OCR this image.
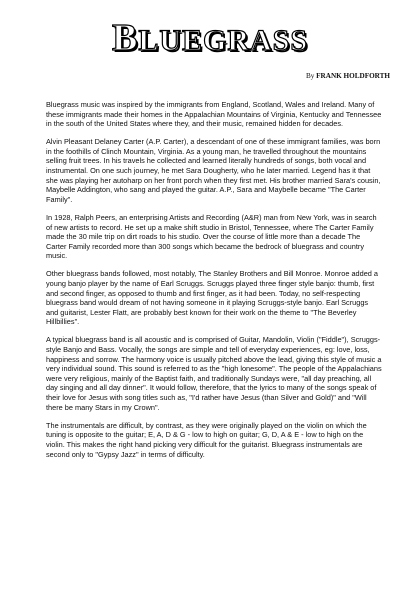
BLUEGRASS
By FRANK HOLDFORTH

Bluegrass music was inspired by the immigrants from England, Scotland, Wales and Ireland. Many of these immigrants made their homes in the Appalachian Mountains of Virginia, Kentucky and Tennessee in the south of the United States where they, and their music, remained hidden for decades.

Alvin Pleasant Delaney Carter (A.P. Carter), a descendant of one of these immigrant families, was born in the foothills of Clinch Mountain, Virginia. As a young man, he travelled throughout the mountains selling fruit trees. In his travels he collected and learned literally hundreds of songs, both vocal and instrumental. On one such journey, he met Sara Dougherty, who he later married. Legend has it that she was playing her autoharp on her front porch when they first met. His brother married Sara's cousin, Maybelle Addington, who sang and played the guitar. A.P., Sara and Maybelle became "The Carter Family".

In 1928, Ralph Peers, an enterprising Artists and Recording (A&R) man from New York, was in search of new artists to record. He set up a make shift studio in Bristol, Tennessee, where The Carter Family made the 30 mile trip on dirt roads to his studio. Over the course of little more than a decade The Carter Family recorded more than 300 songs which became the bedrock of bluegrass and country music.

Other bluegrass bands followed, most notably, The Stanley Brothers and Bill Monroe. Monroe added a young banjo player by the name of Earl Scruggs. Scruggs played three finger style banjo: thumb, first and second finger, as opposed to thumb and first finger, as it had been. Today, no self-respecting bluegrass band would dream of not having someone in it playing Scruggs-style banjo. Earl Scruggs and guitarist, Lester Flatt, are probably best known for their work on the theme to "The Beverley Hillbillies".

A typical bluegrass band is all acoustic and is comprised of Guitar, Mandolin, Violin ("Fiddle"), Scruggs-style Banjo and Bass. Vocally, the songs are simple and tell of everyday experiences, eg: love, loss, happiness and sorrow. The harmony voice is usually pitched above the lead, giving this style of music a very individual sound. This sound is referred to as the "high lonesome". The people of the Appalachians were very religious, mainly of the Baptist faith, and traditionally Sundays were, "all day preaching, all day singing and all day dinner". It would follow, therefore, that the lyrics to many of the songs speak of their love for Jesus with song titles such as, "I'd rather have Jesus (than Silver and Gold)" and "Will there be many Stars in my Crown".

The instrumentals are difficult, by contrast, as they were originally played on the violin on which the tuning is opposite to the guitar; E, A, D & G - low to high on guitar; G, D, A & E - low to high on the violin. This makes the right hand picking very difficult for the guitarist. Bluegrass instrumentals are second only to "Gypsy Jazz" in terms of difficulty.
